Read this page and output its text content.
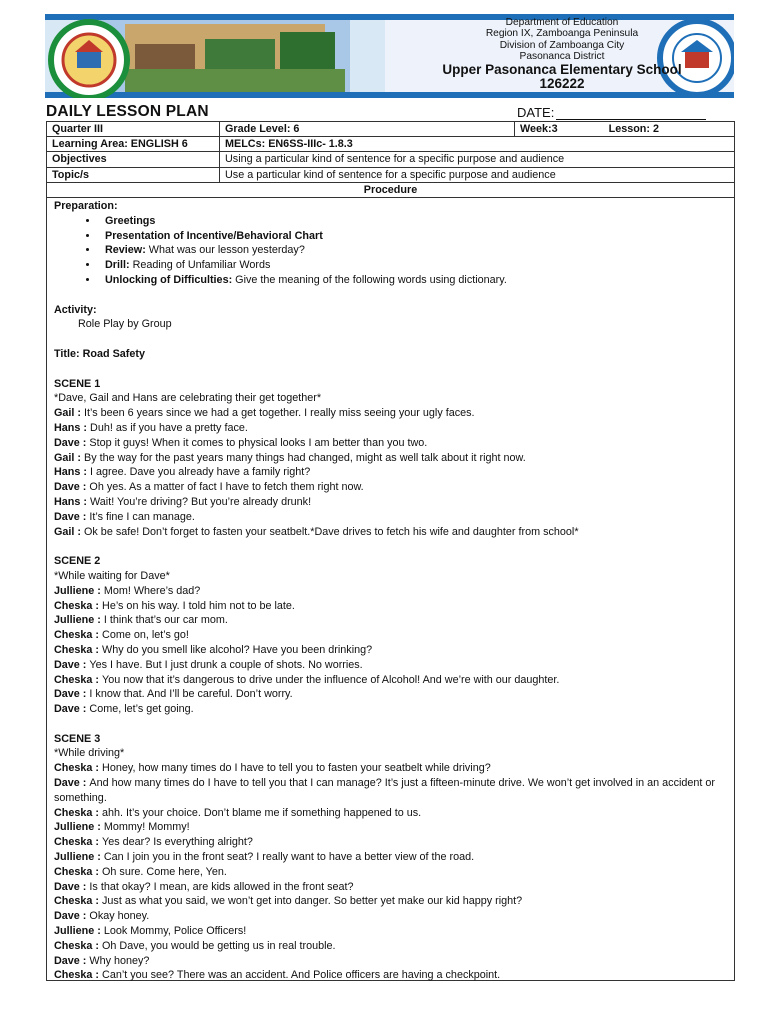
Department of Education
Region IX, Zamboanga Peninsula
Division of Zamboanga City
Pasonanca District
Upper Pasonanca Elementary School
126222
DAILY LESSON PLAN	DATE:
Quarter III	Grade Level: 6	Week:3 Lesson: 2

Learning Area: ENGLISH 6	MELCs: EN6SS-IIIc- 1.8.3	
Objectives	Using a particular kind of sentence for a specific purpose and audience	
Topic/s	Use a particular kind of sentence for a specific purpose and audience	
Procedure		

Preparation:

• Greetings
• Presentation of Incentive/Behavioral Chart
• Review: What was our lesson yesterday?
• Drill: Reading of Unfamiliar Words
• Unlocking of Difficulties: Give the meaning of the following words using dictionary.

Activity:

Role Play by Group

Title: Road Safety

SCENE 1

*Dave, Gail and Hans are celebrating their get together*

Gail : It’s been 6 years since we had a get together. I really miss seeing your ugly faces.

Hans : Duh! as if you have a pretty face.

Dave : Stop it guys! When it comes to physical looks I am better than you two.

Gail : By the way for the past years many things had changed, might as well talk about it right now.

Hans : I agree. Dave you already have a family right?

Dave : Oh yes. As a matter of fact I have to fetch them right now.

Hans : Wait! You’re driving? But you’re already drunk!

Dave : It’s fine I can manage.

Gail : Ok be safe! Don’t forget to fasten your seatbelt.*Dave drives to fetch his wife and daughter from school*

SCENE 2

*While waiting for Dave*

Julliene : Mom! Where’s dad?

Cheska : He’s on his way. I told him not to be late.

Julliene : I think that’s our car mom.

Cheska : Come on, let’s go!

Cheska : Why do you smell like alcohol? Have you been drinking?

Dave : Yes I have. But I just drunk a couple of shots. No worries.

Cheska : You now that it’s dangerous to drive under the influence of Alcohol! And we’re with our daughter.

Dave : I know that. And I’ll be careful. Don’t worry.

Dave : Come, let’s get going.

SCENE 3

*While driving*

Cheska : Honey, how many times do I have to tell you to fasten your seatbelt while driving?

Dave : And how many times do I have to tell you that I can manage? It’s just a fifteen-minute drive. We won’t get involved in an accident or something.

Cheska : ahh. It’s your choice. Don’t blame me if something happened to us.

Julliene : Mommy! Mommy!

Cheska : Yes dear? Is everything alright?

Julliene : Can I join you in the front seat? I really want to have a better view of the road.

Cheska : Oh sure. Come here, Yen.

Dave : Is that okay? I mean, are kids allowed in the front seat?

Cheska : Just as what you said, we won’t get into danger. So better yet make our kid happy right?

Dave : Okay honey.

Julliene : Look Mommy, Police Officers!

Cheska : Oh Dave, you would be getting us in real trouble.

Dave : Why honey?

Cheska : Can’t you see? There was an accident. And Police officers are having a checkpoint.
